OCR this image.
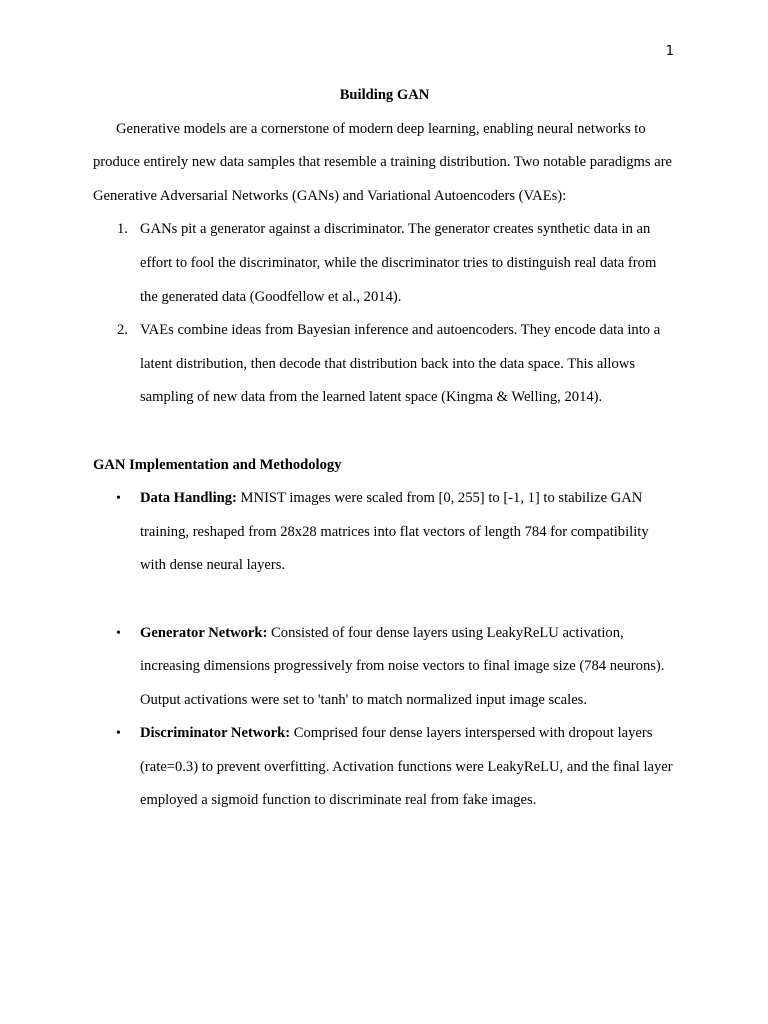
1

Building GAN

Generative models are a cornerstone of modern deep learning, enabling neural networks to produce entirely new data samples that resemble a training distribution. Two notable paradigms are Generative Adversarial Networks (GANs) and Variational Autoencoders (VAEs):

1. GANs pit a generator against a discriminator. The generator creates synthetic data in an effort to fool the discriminator, while the discriminator tries to distinguish real data from the generated data (Goodfellow et al., 2014).
2. VAEs combine ideas from Bayesian inference and autoencoders. They encode data into a latent distribution, then decode that distribution back into the data space. This allows sampling of new data from the learned latent space (Kingma & Welling, 2014).

GAN Implementation and Methodology

• Data Handling: MNIST images were scaled from [0, 255] to [-1, 1] to stabilize GAN training, reshaped from 28x28 matrices into flat vectors of length 784 for compatibility with dense neural layers.
• Generator Network: Consisted of four dense layers using LeakyReLU activation, increasing dimensions progressively from noise vectors to final image size (784 neurons). Output activations were set to 'tanh' to match normalized input image scales.
• Discriminator Network: Comprised four dense layers interspersed with dropout layers (rate=0.3) to prevent overfitting. Activation functions were LeakyReLU, and the final layer employed a sigmoid function to discriminate real from fake images.
